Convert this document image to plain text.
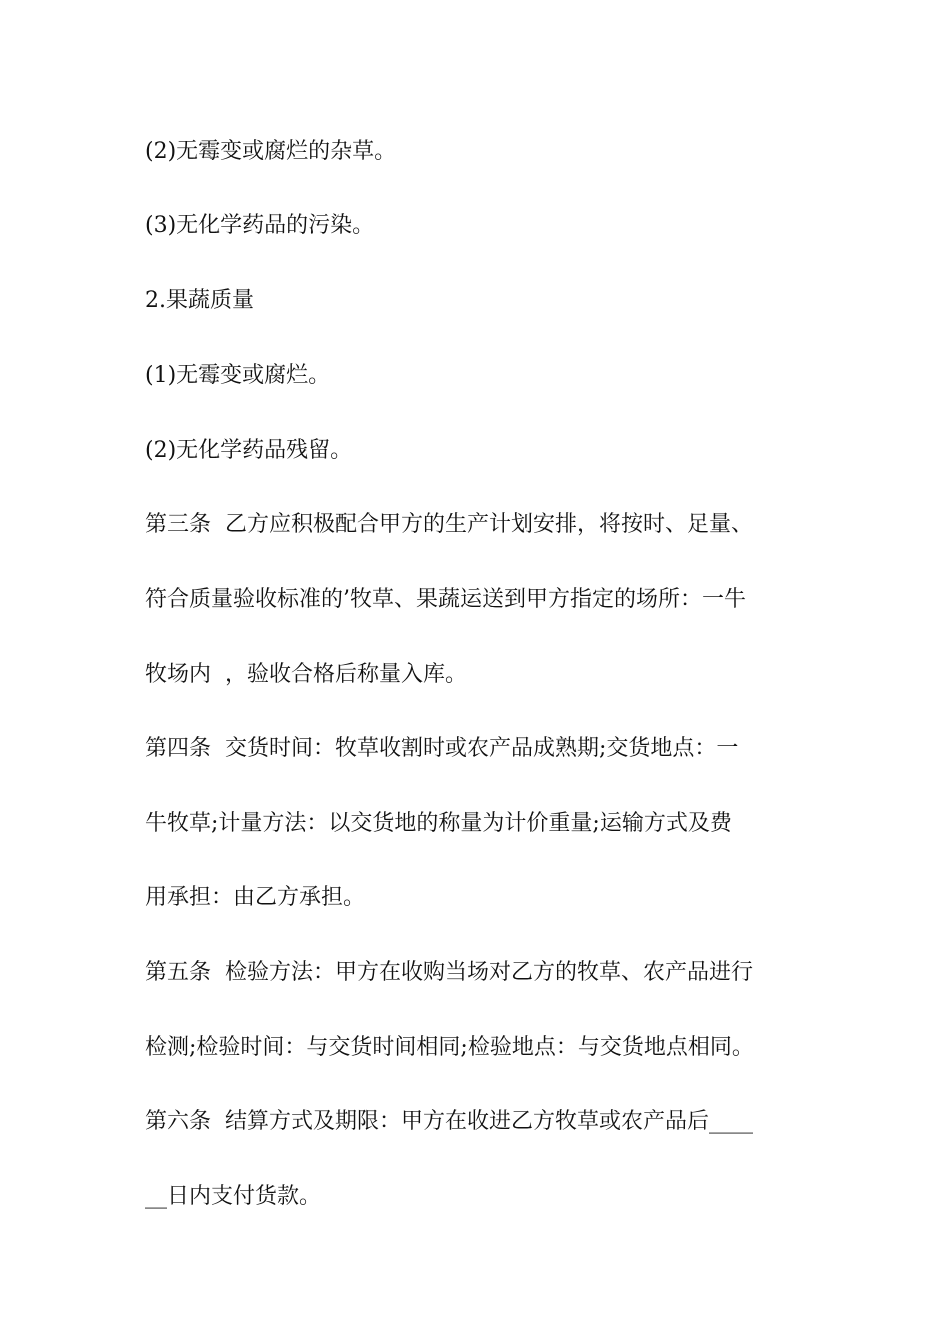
(2)无霉变或腐烂的杂草。

(3)无化学药品的污染。

2.果蔬质量

(1)无霉变或腐烂。

(2)无化学药品残留。

第三条  乙方应积极配合甲方的生产计划安排，将按时、足量、

符合质量验收标准的’牧草、果蔬运送到甲方指定的场所：一牛

牧场内  ，验收合格后称量入库。

第四条  交货时间：牧草收割时或农产品成熟期;交货地点：一

牛牧草;计量方法：以交货地的称量为计价重量;运输方式及费

用承担：由乙方承担。

第五条  检验方法：甲方在收购当场对乙方的牧草、农产品进行

检测;检验时间：与交货时间相同;检验地点：与交货地点相同。

第六条  结算方式及期限：甲方在收进乙方牧草或农产品后____

__日内支付货款。
